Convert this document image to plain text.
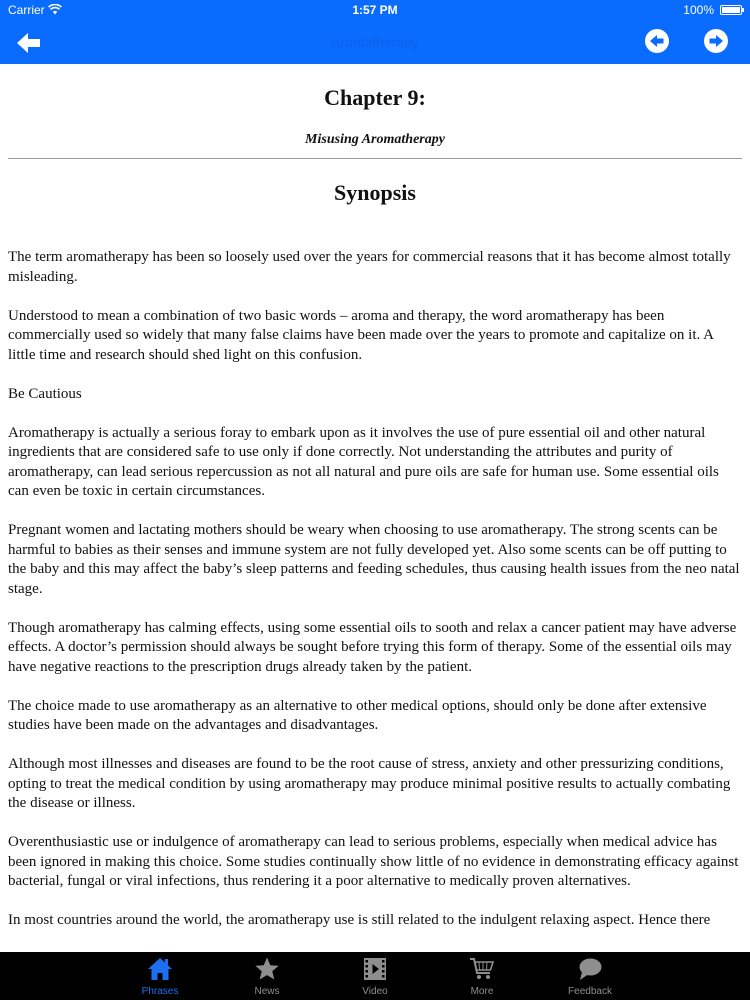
Carrier	1:57 PM	100%
Aromatherapy
Chapter 9:
Misusing Aromatherapy
Synopsis

The term aromatherapy has been so loosely used over the years for commercial reasons that it has become almost totally misleading.

Understood to mean a combination of two basic words – aroma and therapy, the word aromatherapy has been commercially used so widely that many false claims have been made over the years to promote and capitalize on it. A little time and research should shed light on this confusion.

Be Cautious

Aromatherapy is actually a serious foray to embark upon as it involves the use of pure essential oil and other natural ingredients that are considered safe to use only if done correctly. Not understanding the attributes and purity of aromatherapy, can lead serious repercussion as not all natural and pure oils are safe for human use. Some essential oils can even be toxic in certain circumstances.

Pregnant women and lactating mothers should be weary when choosing to use aromatherapy. The strong scents can be harmful to babies as their senses and immune system are not fully developed yet. Also some scents can be off putting to the baby and this may affect the baby’s sleep patterns and feeding schedules, thus causing health issues from the neo natal stage.

Though aromatherapy has calming effects, using some essential oils to sooth and relax a cancer patient may have adverse effects. A doctor’s permission should always be sought before trying this form of therapy. Some of the essential oils may have negative reactions to the prescription drugs already taken by the patient.

The choice made to use aromatherapy as an alternative to other medical options, should only be done after extensive studies have been made on the advantages and disadvantages.

Although most illnesses and diseases are found to be the root cause of stress, anxiety and other pressurizing conditions, opting to treat the medical condition by using aromatherapy may produce minimal positive results to actually combating the disease or illness.

Overenthusiastic use or indulgence of aromatherapy can lead to serious problems, especially when medical advice has been ignored in making this choice. Some studies continually show little of no evidence in demonstrating efficacy against bacterial, fungal or viral infections, thus rendering it a poor alternative to medically proven alternatives.

In most countries around the world, the aromatherapy use is still related to the indulgent relaxing aspect. Hence there

Phrases	News	Video	More	Feedback
